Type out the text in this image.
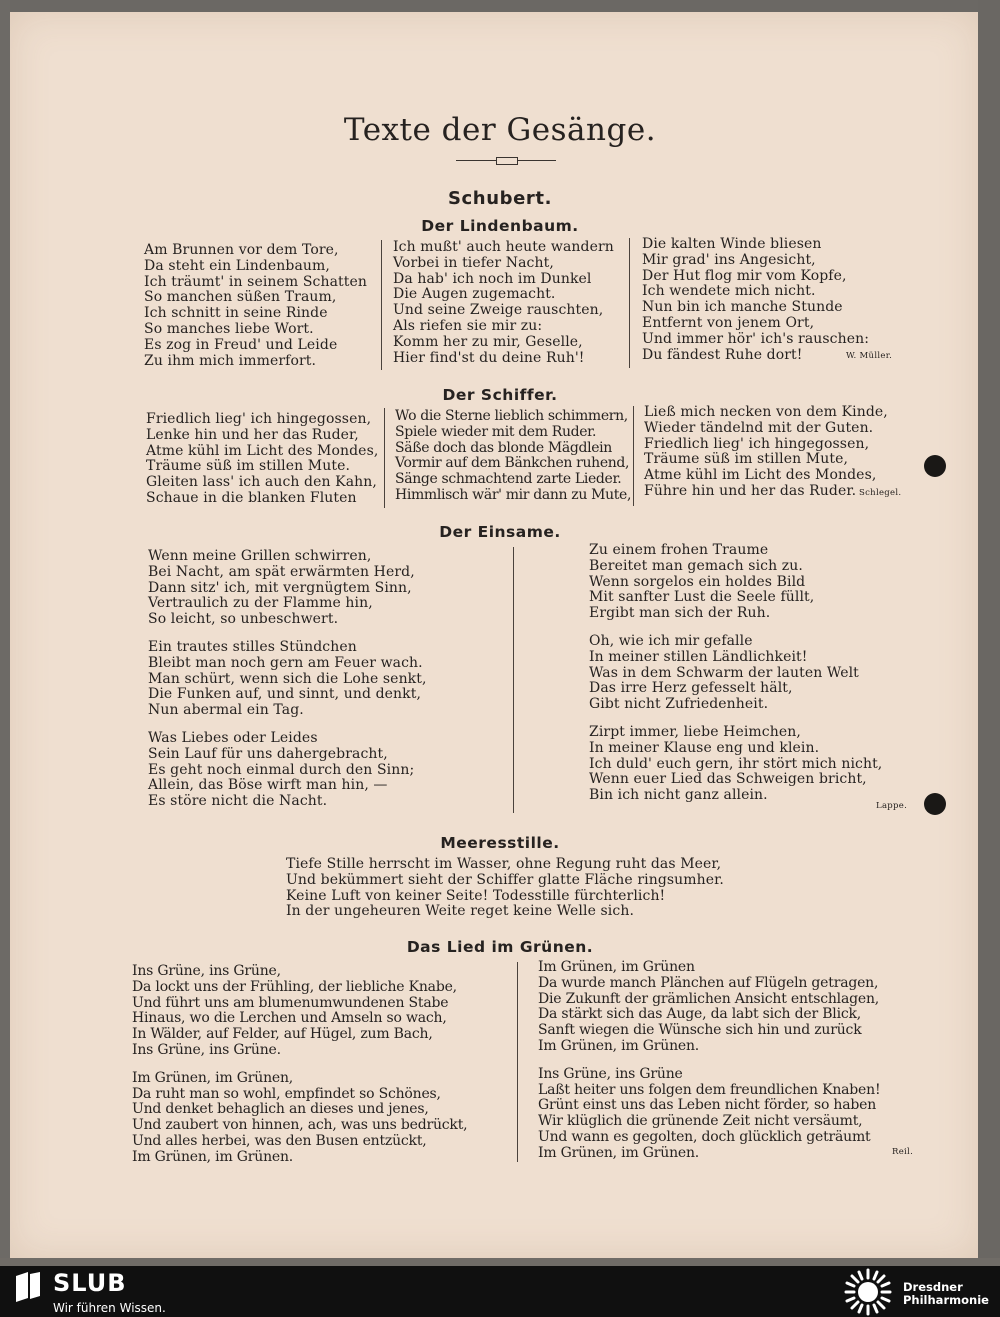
Texte der Gesänge.
Schubert.
Der Lindenbaum.
Am Brunnen vor dem Tore,
Da steht ein Lindenbaum,
Ich träumt' in seinem Schatten
So manchen süßen Traum,
Ich schnitt in seine Rinde
So manches liebe Wort.
Es zog in Freud' und Leide
Zu ihm mich immerfort.
Ich mußt' auch heute wandern
Vorbei in tiefer Nacht,
Da hab' ich noch im Dunkel
Die Augen zugemacht.
Und seine Zweige rauschten,
Als riefen sie mir zu:
Komm her zu mir, Geselle,
Hier find'st du deine Ruh'!
Die kalten Winde bliesen
Mir grad' ins Angesicht,
Der Hut flog mir vom Kopfe,
Ich wendete mich nicht.
Nun bin ich manche Stunde
Entfernt von jenem Ort,
Und immer hör' ich's rauschen:
Du fändest Ruhe dort!	W. Müller.
Der Schiffer.
Friedlich lieg' ich hingegossen,
Lenke hin und her das Ruder,
Atme kühl im Licht des Mondes,
Träume süß im stillen Mute.
Gleiten lass' ich auch den Kahn,
Schaue in die blanken Fluten
Wo die Sterne lieblich schimmern,
Spiele wieder mit dem Ruder.
Säße doch das blonde Mägdlein
Vormir auf dem Bänkchen ruhend,
Sänge schmachtend zarte Lieder.
Himmlisch wär' mir dann zu Mute,
Ließ mich necken von dem Kinde,
Wieder tändelnd mit der Guten.
Friedlich lieg' ich hingegossen,
Träume süß im stillen Mute,
Atme kühl im Licht des Mondes,
Führe hin und her das Ruder. Schlegel.
Der Einsame.
Wenn meine Grillen schwirren,
Bei Nacht, am spät erwärmten Herd,
Dann sitz' ich, mit vergnügtem Sinn,
Vertraulich zu der Flamme hin,
So leicht, so unbeschwert.
Ein trautes stilles Stündchen
Bleibt man noch gern am Feuer wach.
Man schürt, wenn sich die Lohe senkt,
Die Funken auf, und sinnt, und denkt,
Nun abermal ein Tag.
Was Liebes oder Leides
Sein Lauf für uns dahergebracht,
Es geht noch einmal durch den Sinn;
Allein, das Böse wirft man hin, —
Es störe nicht die Nacht.
Zu einem frohen Traume
Bereitet man gemach sich zu.
Wenn sorgelos ein holdes Bild
Mit sanfter Lust die Seele füllt,
Ergibt man sich der Ruh.
Oh, wie ich mir gefalle
In meiner stillen Ländlichkeit!
Was in dem Schwarm der lauten Welt
Das irre Herz gefesselt hält,
Gibt nicht Zufriedenheit.
Zirpt immer, liebe Heimchen,
In meiner Klause eng und klein.
Ich duld' euch gern, ihr stört mich nicht,
Wenn euer Lied das Schweigen bricht,
Bin ich nicht ganz allein.
Lappe.
Meeresstille.
Tiefe Stille herrscht im Wasser, ohne Regung ruht das Meer,
Und bekümmert sieht der Schiffer glatte Fläche ringsumher.
Keine Luft von keiner Seite! Todesstille fürchterlich!
In der ungeheuren Weite reget keine Welle sich.
Das Lied im Grünen.
Ins Grüne, ins Grüne,
Da lockt uns der Frühling, der liebliche Knabe,
Und führt uns am blumenumwundenen Stabe
Hinaus, wo die Lerchen und Amseln so wach,
In Wälder, auf Felder, auf Hügel, zum Bach,
Ins Grüne, ins Grüne.
Im Grünen, im Grünen,
Da ruht man so wohl, empfindet so Schönes,
Und denket behaglich an dieses und jenes,
Und zaubert von hinnen, ach, was uns bedrückt,
Und alles herbei, was den Busen entzückt,
Im Grünen, im Grünen.
Im Grünen, im Grünen
Da wurde manch Plänchen auf Flügeln getragen,
Die Zukunft der grämlichen Ansicht entschlagen,
Da stärkt sich das Auge, da labt sich der Blick,
Sanft wiegen die Wünsche sich hin und zurück
Im Grünen, im Grünen.
Ins Grüne, ins Grüne
Laßt heiter uns folgen dem freundlichen Knaben!
Grünt einst uns das Leben nicht förder, so haben
Wir klüglich die grünende Zeit nicht versäumt,
Und wann es gegolten, doch glücklich geträumt
Im Grünen, im Grünen.	Reil.
SLUB
Wir führen Wissen.
Dresdner
Philharmonie
